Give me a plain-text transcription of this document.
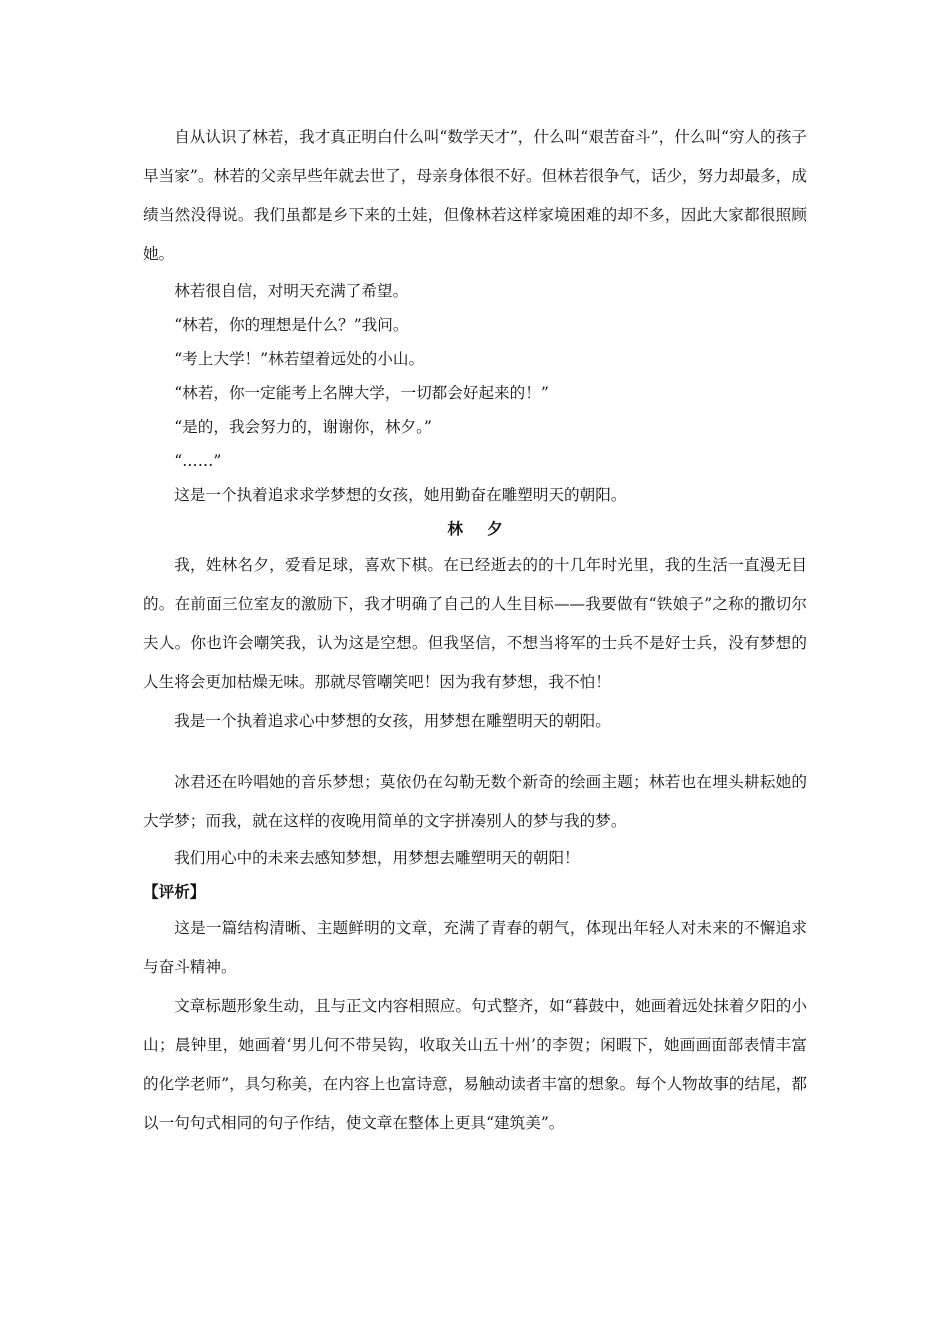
自从认识了林若，我才真正明白什么叫“数学天才”，什么叫“艰苦奋斗”，什么叫“穷人的孩子早当家”。林若的父亲早些年就去世了，母亲身体很不好。但林若很争气，话少，努力却最多，成绩当然没得说。我们虽都是乡下来的土娃，但像林若这样家境困难的却不多，因此大家都很照顾她。

林若很自信，对明天充满了希望。

“林若，你的理想是什么？”我问。

“考上大学！”林若望着远处的小山。

“林若，你一定能考上名牌大学，一切都会好起来的！”

“是的，我会努力的，谢谢你，林夕。”

“……”

这是一个执着追求求学梦想的女孩，她用勤奋在雕塑明天的朝阳。

林 夕

我，姓林名夕，爱看足球，喜欢下棋。在已经逝去的的十几年时光里，我的生活一直漫无目的。在前面三位室友的激励下，我才明确了自己的人生目标——我要做有“铁娘子”之称的撒切尔夫人。你也许会嘲笑我，认为这是空想。但我坚信，不想当将军的士兵不是好士兵，没有梦想的人生将会更加枯燥无味。那就尽管嘲笑吧！因为我有梦想，我不怕！

我是一个执着追求心中梦想的女孩，用梦想在雕塑明天的朝阳。

冰君还在吟唱她的音乐梦想；莫依仍在勾勒无数个新奇的绘画主题；林若也在埋头耕耘她的大学梦；而我，就在这样的夜晚用简单的文字拼凑别人的梦与我的梦。

我们用心中的未来去感知梦想，用梦想去雕塑明天的朝阳！

【评析】

这是一篇结构清晰、主题鲜明的文章，充满了青春的朝气，体现出年轻人对未来的不懈追求与奋斗精神。

文章标题形象生动，且与正文内容相照应。句式整齐，如“暮鼓中，她画着远处抹着夕阳的小山；晨钟里，她画着‘男儿何不带吴钩，收取关山五十州’的李贺；闲暇下，她画画面部表情丰富的化学老师”，具匀称美，在内容上也富诗意，易触动读者丰富的想象。每个人物故事的结尾，都以一句句式相同的句子作结，使文章在整体上更具“建筑美”。
